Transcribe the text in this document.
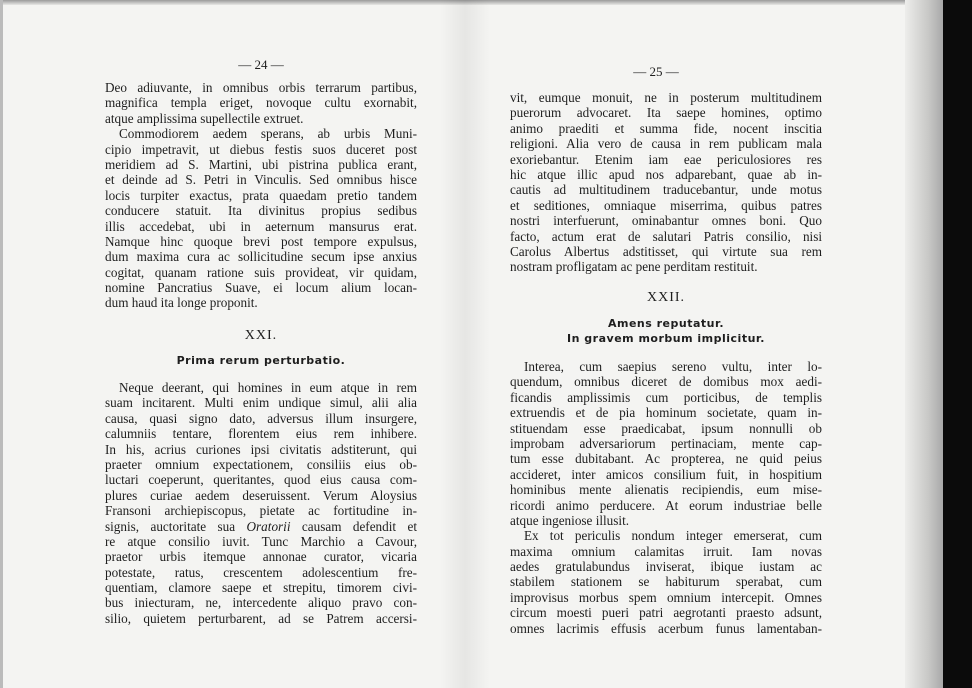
— 24 —
Deo adiuvante, in omnibus orbis terrarum partibus,
magnifica templa eriget, novoque cultu exornabit,
atque amplissima supellectile extruet.
Commodiorem aedem sperans, ab urbis Muni-
cipio impetravit, ut diebus festis suos duceret post
meridiem ad S. Martini, ubi pistrina publica erant,
et deinde ad S. Petri in Vinculis. Sed omnibus hisce
locis turpiter exactus, prata quaedam pretio tandem
conducere statuit. Ita divinitus propius sedibus
illis accedebat, ubi in aeternum mansurus erat.
Namque hinc quoque brevi post tempore expulsus,
dum maxima cura ac sollicitudine secum ipse anxius
cogitat, quanam ratione suis provideat, vir quidam,
nomine Pancratius Suave, ei locum alium locan-
dum haud ita longe proponit.
XXI.
Prima rerum perturbatio.
Neque deerant, qui homines in eum atque in rem
suam incitarent. Multi enim undique simul, alii alia
causa, quasi signo dato, adversus illum insurgere,
calumniis tentare, florentem eius rem inhibere.
In his, acrius curiones ipsi civitatis adstiterunt, qui
praeter omnium expectationem, consiliis eius ob-
luctari coeperunt, queritantes, quod eius causa com-
plures curiae aedem deseruissent. Verum Aloysius
Fransoni archiepiscopus, pietate ac fortitudine in-
signis, auctoritate sua Oratorii causam defendit et
re atque consilio iuvit. Tunc Marchio a Cavour,
praetor urbis itemque annonae curator, vicaria
potestate, ratus, crescentem adolescentium fre-
quentiam, clamore saepe et strepitu, timorem civi-
bus iniecturam, ne, intercedente aliquo pravo con-
silio, quietem perturbarent, ad se Patrem accersi-
— 25 —
vit, eumque monuit, ne in posterum multitudinem
puerorum advocaret. Ita saepe homines, optimo
animo praediti et summa fide, nocent inscitia
religioni. Alia vero de causa in rem publicam mala
exoriebantur. Etenim iam eae periculosiores res
hic atque illic apud nos adparebant, quae ab in-
cautis ad multitudinem traducebantur, unde motus
et seditiones, omniaque miserrima, quibus patres
nostri interfuerunt, ominabantur omnes boni. Quo
facto, actum erat de salutari Patris consilio, nisi
Carolus Albertus adstitisset, qui virtute sua rem
nostram profligatam ac pene perditam restituit.
XXII.
Amens reputatur.
In gravem morbum implicitur.
Interea, cum saepius sereno vultu, inter lo-
quendum, omnibus diceret de domibus mox aedi-
ficandis amplissimis cum porticibus, de templis
extruendis et de pia hominum societate, quam in-
stituendam esse praedicabat, ipsum nonnulli ob
improbam adversariorum pertinaciam, mente cap-
tum esse dubitabant. Ac propterea, ne quid peius
accideret, inter amicos consilium fuit, in hospitium
hominibus mente alienatis recipiendis, eum mise-
ricordi animo perducere. At eorum industriae belle
atque ingeniose illusit.
Ex tot periculis nondum integer emerserat, cum
maxima omnium calamitas irruit. Iam novas
aedes gratulabundus inviserat, ibique iustam ac
stabilem stationem se habiturum sperabat, cum
improvisus morbus spem omnium intercepit. Omnes
circum moesti pueri patri aegrotanti praesto adsunt,
omnes lacrimis effusis acerbum funus lamentaban-
